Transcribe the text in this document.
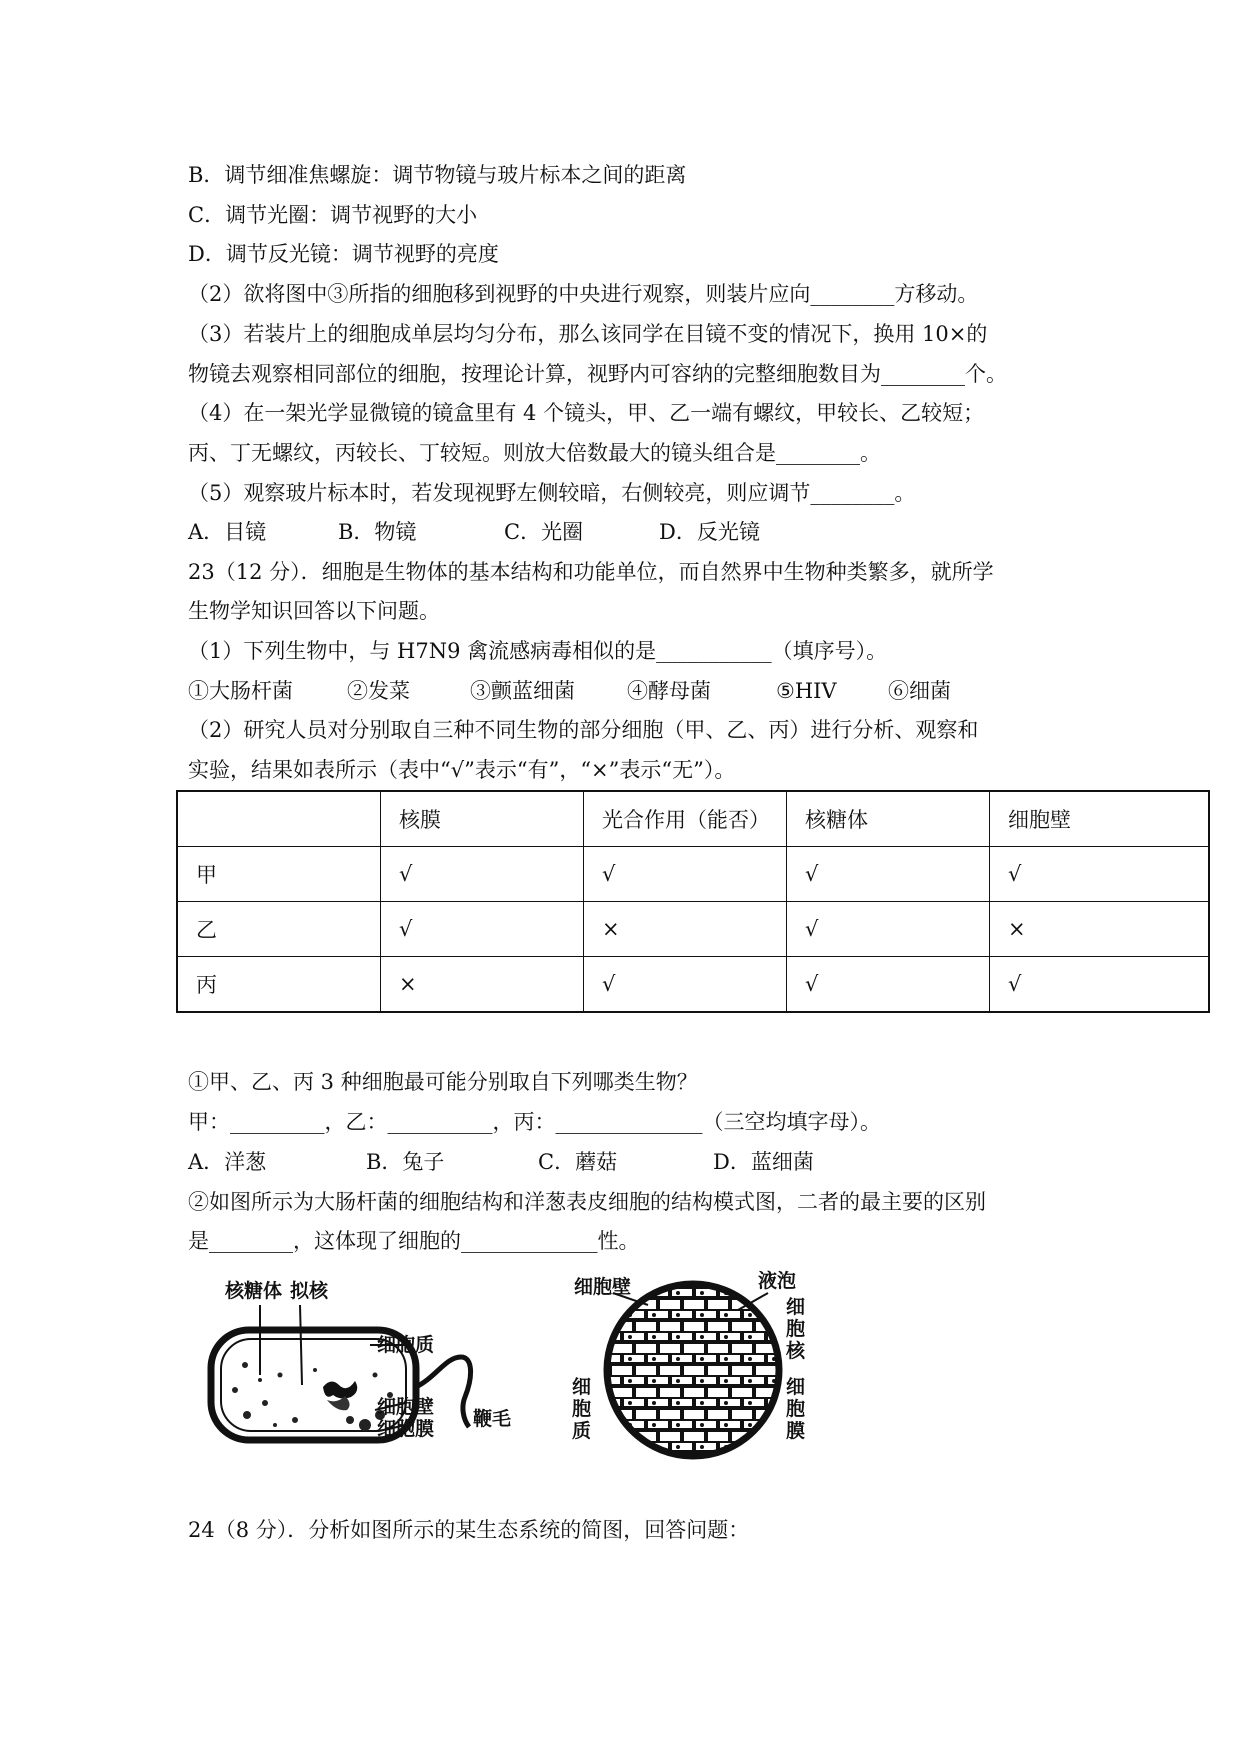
B．调节细准焦螺旋：调节物镜与玻片标本之间的距离
C．调节光圈：调节视野的大小
D．调节反光镜：调节视野的亮度
（2）欲将图中③所指的细胞移到视野的中央进行观察，则装片应向________方移动。
（3）若装片上的细胞成单层均匀分布，那么该同学在目镜不变的情况下，换用 10×的
物镜去观察相同部位的细胞，按理论计算，视野内可容纳的完整细胞数目为________个。
（4）在一架光学显微镜的镜盒里有 4 个镜头，甲、乙一端有螺纹，甲较长、乙较短；
丙、丁无螺纹，丙较长、丁较短。则放大倍数最大的镜头组合是________。
（5）观察玻片标本时，若发现视野左侧较暗，右侧较亮，则应调节________。
A．目镜	B．物镜	C．光圈	D．反光镜
23（12 分）．细胞是生物体的基本结构和功能单位，而自然界中生物种类繁多，就所学
生物学知识回答以下问题。
（1）下列生物中，与 H7N9 禽流感病毒相似的是___________（填序号）。
①大肠杆菌	②发菜	③颤蓝细菌 ④酵母菌	⑤HIV ⑥细菌
（2）研究人员对分别取自三种不同生物的部分细胞（甲、乙、丙）进行分析、观察和
实验，结果如表所示（表中“√”表示“有”，“×”表示“无”）。
	核膜	光合作用（能否）	核糖体	细胞壁
甲	√	√	√	√
乙	√	×	√	×
丙	×	√	√	√
①甲、乙、丙 3 种细胞最可能分别取自下列哪类生物？
甲：_________，乙：__________，丙：______________（三空均填字母）。
A．洋葱	B．兔子	C．蘑菇	D．蓝细菌
②如图所示为大肠杆菌的细胞结构和洋葱表皮细胞的结构模式图，二者的最主要的区别
是________，这体现了细胞的_____________性。
核糖体 拟核
细胞质
细胞壁
细胞膜 鞭毛
细胞壁	液泡
细
胞
核
细
胞
质
细
胞
膜
24（8 分）．分析如图所示的某生态系统的简图，回答问题：
